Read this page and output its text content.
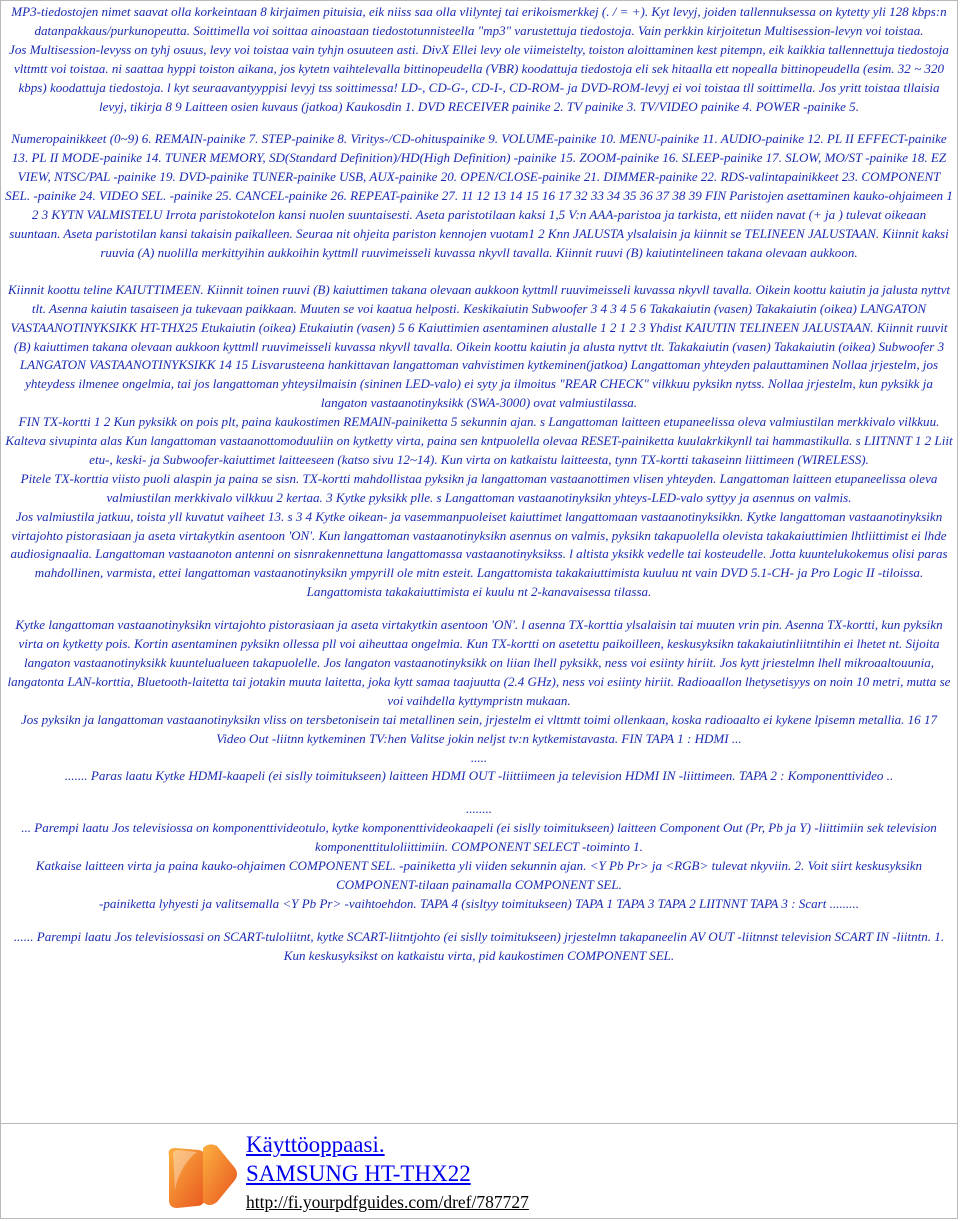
MP3-tiedostojen nimet saavat olla korkeintaan 8 kirjaimen pituisia, eik niiss saa olla vlilyntej tai erikoismerkkej (. / = +). Kyt levyj, joiden tallennuksessa on kytetty yli 128 kbps:n datanpakkaus/purkunopeutta. Soittimella voi soittaa ainoastaan tiedostotunnisteella "mp3" varustettuja tiedostoja. Vain perkkin kirjoitetun Multisession-levyn voi toistaa.

Jos Multisession-levyss on tyhj osuus, levy voi toistaa vain tyhjn osuuteen asti. DivX Ellei levy ole viimeistelty, toiston aloittaminen kest pitempn, eik kaikkia tallennettuja tiedostoja vlttmtt voi toistaa. ni saattaa hyppi toiston aikana, jos kytetn vaihtelevalla bittinopeudella (VBR) koodattuja tiedostoja eli sek hitaalla ett nopealla bittinopeudella (esim. 32 ~ 320 kbps) koodattuja tiedostoja. l kyt seuraavantyyppisi levyj tss soittimessa! LD-, CD-G-, CD-I-, CD-ROM- ja DVD-ROM-levyj ei voi toistaa tll soittimella. Jos yritt toistaa tllaisia levyj, tikirja 8 9 Laitteen osien kuvaus (jatkoa) Kaukosdin 1. DVD RECEIVER painike 2. TV painike 3. TV/VIDEO painike 4. POWER -painike 5.

Numeropainikkeet (0~9) 6. REMAIN-painike 7. STEP-painike 8. Viritys-/CD-ohituspainike 9. VOLUME-painike 10. MENU-painike 11. AUDIO-painike 12. PL II EFFECT-painike 13. PL II MODE-painike 14. TUNER MEMORY, SD(Standard Definition)/HD(High Definition) -painike 15. ZOOM-painike 16. SLEEP-painike 17. SLOW, MO/ST -painike 18. EZ VIEW, NTSC/PAL -painike 19. DVD-painike TUNER-painike USB, AUX-painike 20. OPEN/CLOSE-painike 21. DIMMER-painike 22. RDS-valintapainikkeet 23. COMPONENT SEL. -painike 24. VIDEO SEL. -painike 25. CANCEL-painike 26. REPEAT-painike 27. 11 12 13 14 15 16 17 32 33 34 35 36 37 38 39 FIN Paristojen asettaminen kauko-ohjaimeen 1 2 3 KYTN VALMISTELU Irrota paristokotelon kansi nuolen suuntaisesti. Aseta paristotilaan kaksi 1,5 V:n AAA-paristoa ja tarkista, ett niiden navat (+ ja ) tulevat oikeaan suuntaan. Aseta paristotilan kansi takaisin paikalleen. Seuraa nit ohjeita pariston kennojen vuotam1 2 Knn JALUSTA ylsalaisin ja kiinnit se TELINEEN JALUSTAAN. Kiinnit kaksi ruuvia (A) nuolilla merkittyihin aukkoihin kyttmll ruuvimeisseli kuvassa nkyvll tavalla. Kiinnit ruuvi (B) kaiutintelineen takana olevaan aukkoon.

Kiinnit koottu teline KAIUTTIMEEN. Kiinnit toinen ruuvi (B) kaiuttimen takana olevaan aukkoon kyttmll ruuvimeisseli kuvassa nkyvll tavalla. Oikein koottu kaiutin ja jalusta nyttvt tlt. Asenna kaiutin tasaiseen ja tukevaan paikkaan. Muuten se voi kaatua helposti. Keskikaiutin Subwoofer 3 4 3 4 5 6 Takakaiutin (vasen) Takakaiutin (oikea) LANGATON VASTAANOTINYKSIKK HT-THX25 Etukaiutin (oikea) Etukaiutin (vasen) 5 6 Kaiuttimien asentaminen alustalle 1 2 1 2 3 Yhdist KAIUTIN TELINEEN JALUSTAAN. Kiinnit ruuvit (B) kaiuttimen takana olevaan aukkoon kyttmll ruuvimeisseli kuvassa nkyvll tavalla. Oikein koottu kaiutin ja alusta nyttvt tlt. Takakaiutin (vasen) Takakaiutin (oikea) Subwoofer 3 LANGATON VASTAANOTINYKSIKK 14 15 Lisvarusteena hankittavan langattoman vahvistimen kytkeminen(jatkoa) Langattoman yhteyden palauttaminen Nollaa jrjestelm, jos yhteydess ilmenee ongelmia, tai jos langattoman yhteysilmaisin (sininen LED-valo) ei syty ja ilmoitus "REAR CHECK" vilkkuu pyksikn nytss. Nollaa jrjestelm, kun pyksikk ja langaton vastaanotinyksikk (SWA-3000) ovat valmiustilassa.

FIN TX-kortti 1 2 Kun pyksikk on pois plt, paina kaukostimen REMAIN-painiketta 5 sekunnin ajan. s Langattoman laitteen etupaneelissa oleva valmiustilan merkkivalo vilkkuu. Kalteva sivupinta alas Kun langattoman vastaanottomoduuliin on kytketty virta, paina sen kntpuolella olevaa RESET-painiketta kuulakrkikynll tai hammastikulla. s LIITNNT 1 2 Liit etu-, keski- ja Subwoofer-kaiuttimet laitteeseen (katso sivu 12~14). Kun virta on katkaistu laitteesta, tynn TX-kortti takaseinn liittimeen (WIRELESS).

Pitele TX-korttia viisto puoli alaspin ja paina se sisn. TX-kortti mahdollistaa pyksikn ja langattoman vastaanottimen vlisen yhteyden. Langattoman laitteen etupaneelissa oleva valmiustilan merkkivalo vilkkuu 2 kertaa. 3 Kytke pyksikk plle. s Langattoman vastaanotinyksikn yhteys-LED-valo syttyy ja asennus on valmis.

Jos valmiustila jatkuu, toista yll kuvatut vaiheet 13. s 3 4 Kytke oikean- ja vasemmanpuoleiset kaiuttimet langattomaan vastaanotinyksikkn. Kytke langattoman vastaanotinyksikn virtajohto pistorasiaan ja aseta virtakytkin asentoon 'ON'. Kun langattoman vastaanotinyksikn asennus on valmis, pyksikn takapuolella olevista takakaiuttimien lhtliittimist ei lhde audiosignaalia. Langattoman vastaanoton antenni on sisnrakennettuna langattomassa vastaanotinyksikss. l altista yksikk vedelle tai kosteudelle. Jotta kuuntelukokemus olisi paras mahdollinen, varmista, ettei langattoman vastaanotinyksikn ympyrill ole mitn esteit. Langattomista takakaiuttimista kuuluu nt vain DVD 5.1-CH- ja Pro Logic II -tiloissa. Langattomista takakaiuttimista ei kuulu nt 2-kanavaisessa tilassa.

Kytke langattoman vastaanotinyksikn virtajohto pistorasiaan ja aseta virtakytkin asentoon 'ON'. l asenna TX-korttia ylsalaisin tai muuten vrin pin. Asenna TX-kortti, kun pyksikn virta on kytketty pois. Kortin asentaminen pyksikn ollessa pll voi aiheuttaa ongelmia. Kun TX-kortti on asetettu paikoilleen, keskusyksikn takakaiutinliitntihin ei lhetet nt. Sijoita langaton vastaanotinyksikk kuuntelualueen takapuolelle. Jos langaton vastaanotinyksikk on liian lhell pyksikk, ness voi esiinty hiriit. Jos kytt jriestelmn lhell mikroaaltouunia, langatonta LAN-korttia, Bluetooth-laitetta tai jotakin muuta laitetta, joka kytt samaa taajuutta (2.4 GHz), ness voi esiinty hiriit. Radioaallon lhetysetisyys on noin 10 metri, mutta se voi vaihdella kyttympristn mukaan.

Jos pyksikn ja langattoman vastaanotinyksikn vliss on tersbetonisein tai metallinen sein, jrjestelm ei vlttmtt toimi ollenkaan, koska radioaalto ei kykene lpisemn metallia. 16 17 Video Out -liitnn kytkeminen TV:hen Valitse jokin neljst tv:n kytkemistavasta. FIN TAPA 1 : HDMI ...

.....

....... Paras laatu Kytke HDMI-kaapeli (ei sislly toimitukseen) laitteen HDMI OUT -liittiimeen ja television HDMI IN -liittimeen. TAPA 2 : Komponenttivideo ..

........

... Parempi laatu Jos televisiossa on komponenttivideotulo, kytke komponenttivideokaapeli (ei sislly toimitukseen) laitteen Component Out (Pr, Pb ja Y) -liittimiin sek television komponenttituloliittimiin. COMPONENT SELECT -toiminto 1.

Katkaise laitteen virta ja paina kauko-ohjaimen COMPONENT SEL. -painiketta yli viiden sekunnin ajan. <Y Pb Pr> ja <RGB> tulevat nkyviin. 2. Voit siirt keskusyksikn COMPONENT-tilaan painamalla COMPONENT SEL.

-painiketta lyhyesti ja valitsemalla <Y Pb Pr> -vaihtoehdon. TAPA 4 (sisltyy toimitukseen) TAPA 1 TAPA 3 TAPA 2 LIITNNT TAPA 3 : Scart .........

...... Parempi laatu Jos televisiossasi on SCART-tuloliitnt, kytke SCART-liitntjohto (ei sislly toimitukseen) jrjestelmn takapaneelin AV OUT -liitnnst television SCART IN -liitntn. 1. Kun keskusyksikst on katkaistu virta, pid kaukostimen COMPONENT SEL.

Käyttöoppaasi.
SAMSUNG HT-THX22
http://fi.yourpdfguides.com/dref/787727
